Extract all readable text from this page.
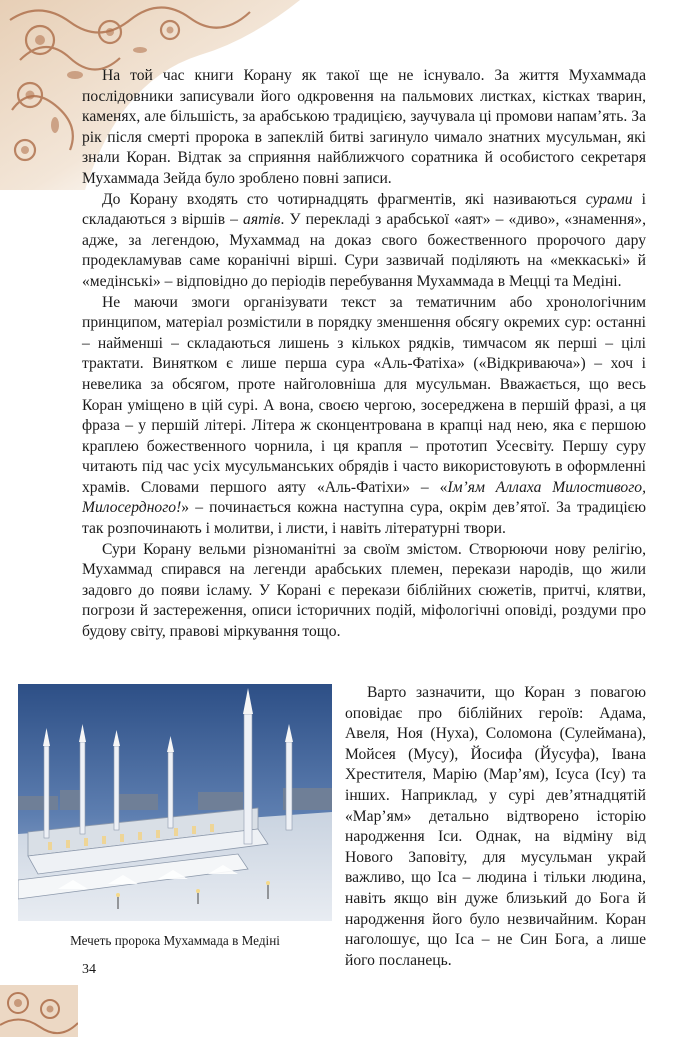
На той час книги Корану як такої ще не існувало. За життя Мухаммада послідовники записували його одкровення на пальмових листках, кістках тварин, каменях, але більшість, за арабською традицією, заучувала ці промови напам’ять. За рік після смерті пророка в запеклій битві загинуло чимало знатних мусульман, які знали Коран. Відтак за сприяння найближчого соратника й особистого секретаря Мухаммада Зейда було зроблено повні записи.

До Корану входять сто чотирнадцять фрагментів, які називаються сурами і складаються з віршів – аятів. У перекладі з арабської «аят» – «диво», «знамення», адже, за легендою, Мухаммад на доказ свого божественного пророчого дару продекламував саме коранічні вірші. Сури зазвичай поділяють на «меккаські» й «медінські» – відповідно до періодів перебування Мухаммада в Мецці та Медіні.

Не маючи змоги організувати текст за тематичним або хронологічним принципом, матеріал розмістили в порядку зменшення обсягу окремих сур: останні – найменші – складаються лишень з кількох рядків, тимчасом як перші – цілі трактати. Винятком є лише перша сура «Аль-Фатіха» («Відкриваюча») – хоч і невелика за обсягом, проте найголовніша для мусульман. Вважається, що весь Коран уміщено в цій сурі. А вона, своєю чергою, зосереджена в першій фразі, а ця фраза – у першій літері. Літера ж сконцентрована в крапці над нею, яка є першою краплею божественного чорнила, і ця крапля – прототип Усесвіту. Першу суру читають під час усіх мусульманських обрядів і часто використовують в оформленні храмів. Словами першого аяту «Аль-Фатіхи» – «Ім’ям Аллаха Милостивого, Милосердного!» – починається кожна наступна сура, окрім дев’ятої. За традицією так розпочинають і молитви, і листи, і навіть літературні твори.

Сури Корану вельми різноманітні за своїм змістом. Створюючи нову релігію, Мухаммад спирався на легенди арабських племен, перекази народів, що жили задовго до появи ісламу. У Корані є перекази біблійних сюжетів, притчі, клятви, погрози й застереження, описи історичних подій, міфологічні оповіді, роздуми про будову світу, правові міркування тощо.

Мечеть пророка Мухаммада в Медіні

Варто зазначити, що Коран з повагою оповідає про біблійних героїв: Адама, Авеля, Ноя (Нуха), Соломона (Сулеймана), Мойсея (Мусу), Йосифа (Йусуфа), Івана Хрестителя, Марію (Мар’ям), Ісуса (Ісу) та інших. Наприклад, у сурі дев’ятнадцятій «Мар’ям» детально відтворено історію народження Іси. Однак, на відміну від Нового Заповіту, для мусульман украй важливо, що Іса – людина і тільки людина, навіть якщо він дуже близький до Бога й народження його було незвичайним. Коран наголошує, що Іса – не Син Бога, а лише його посланець.

34
